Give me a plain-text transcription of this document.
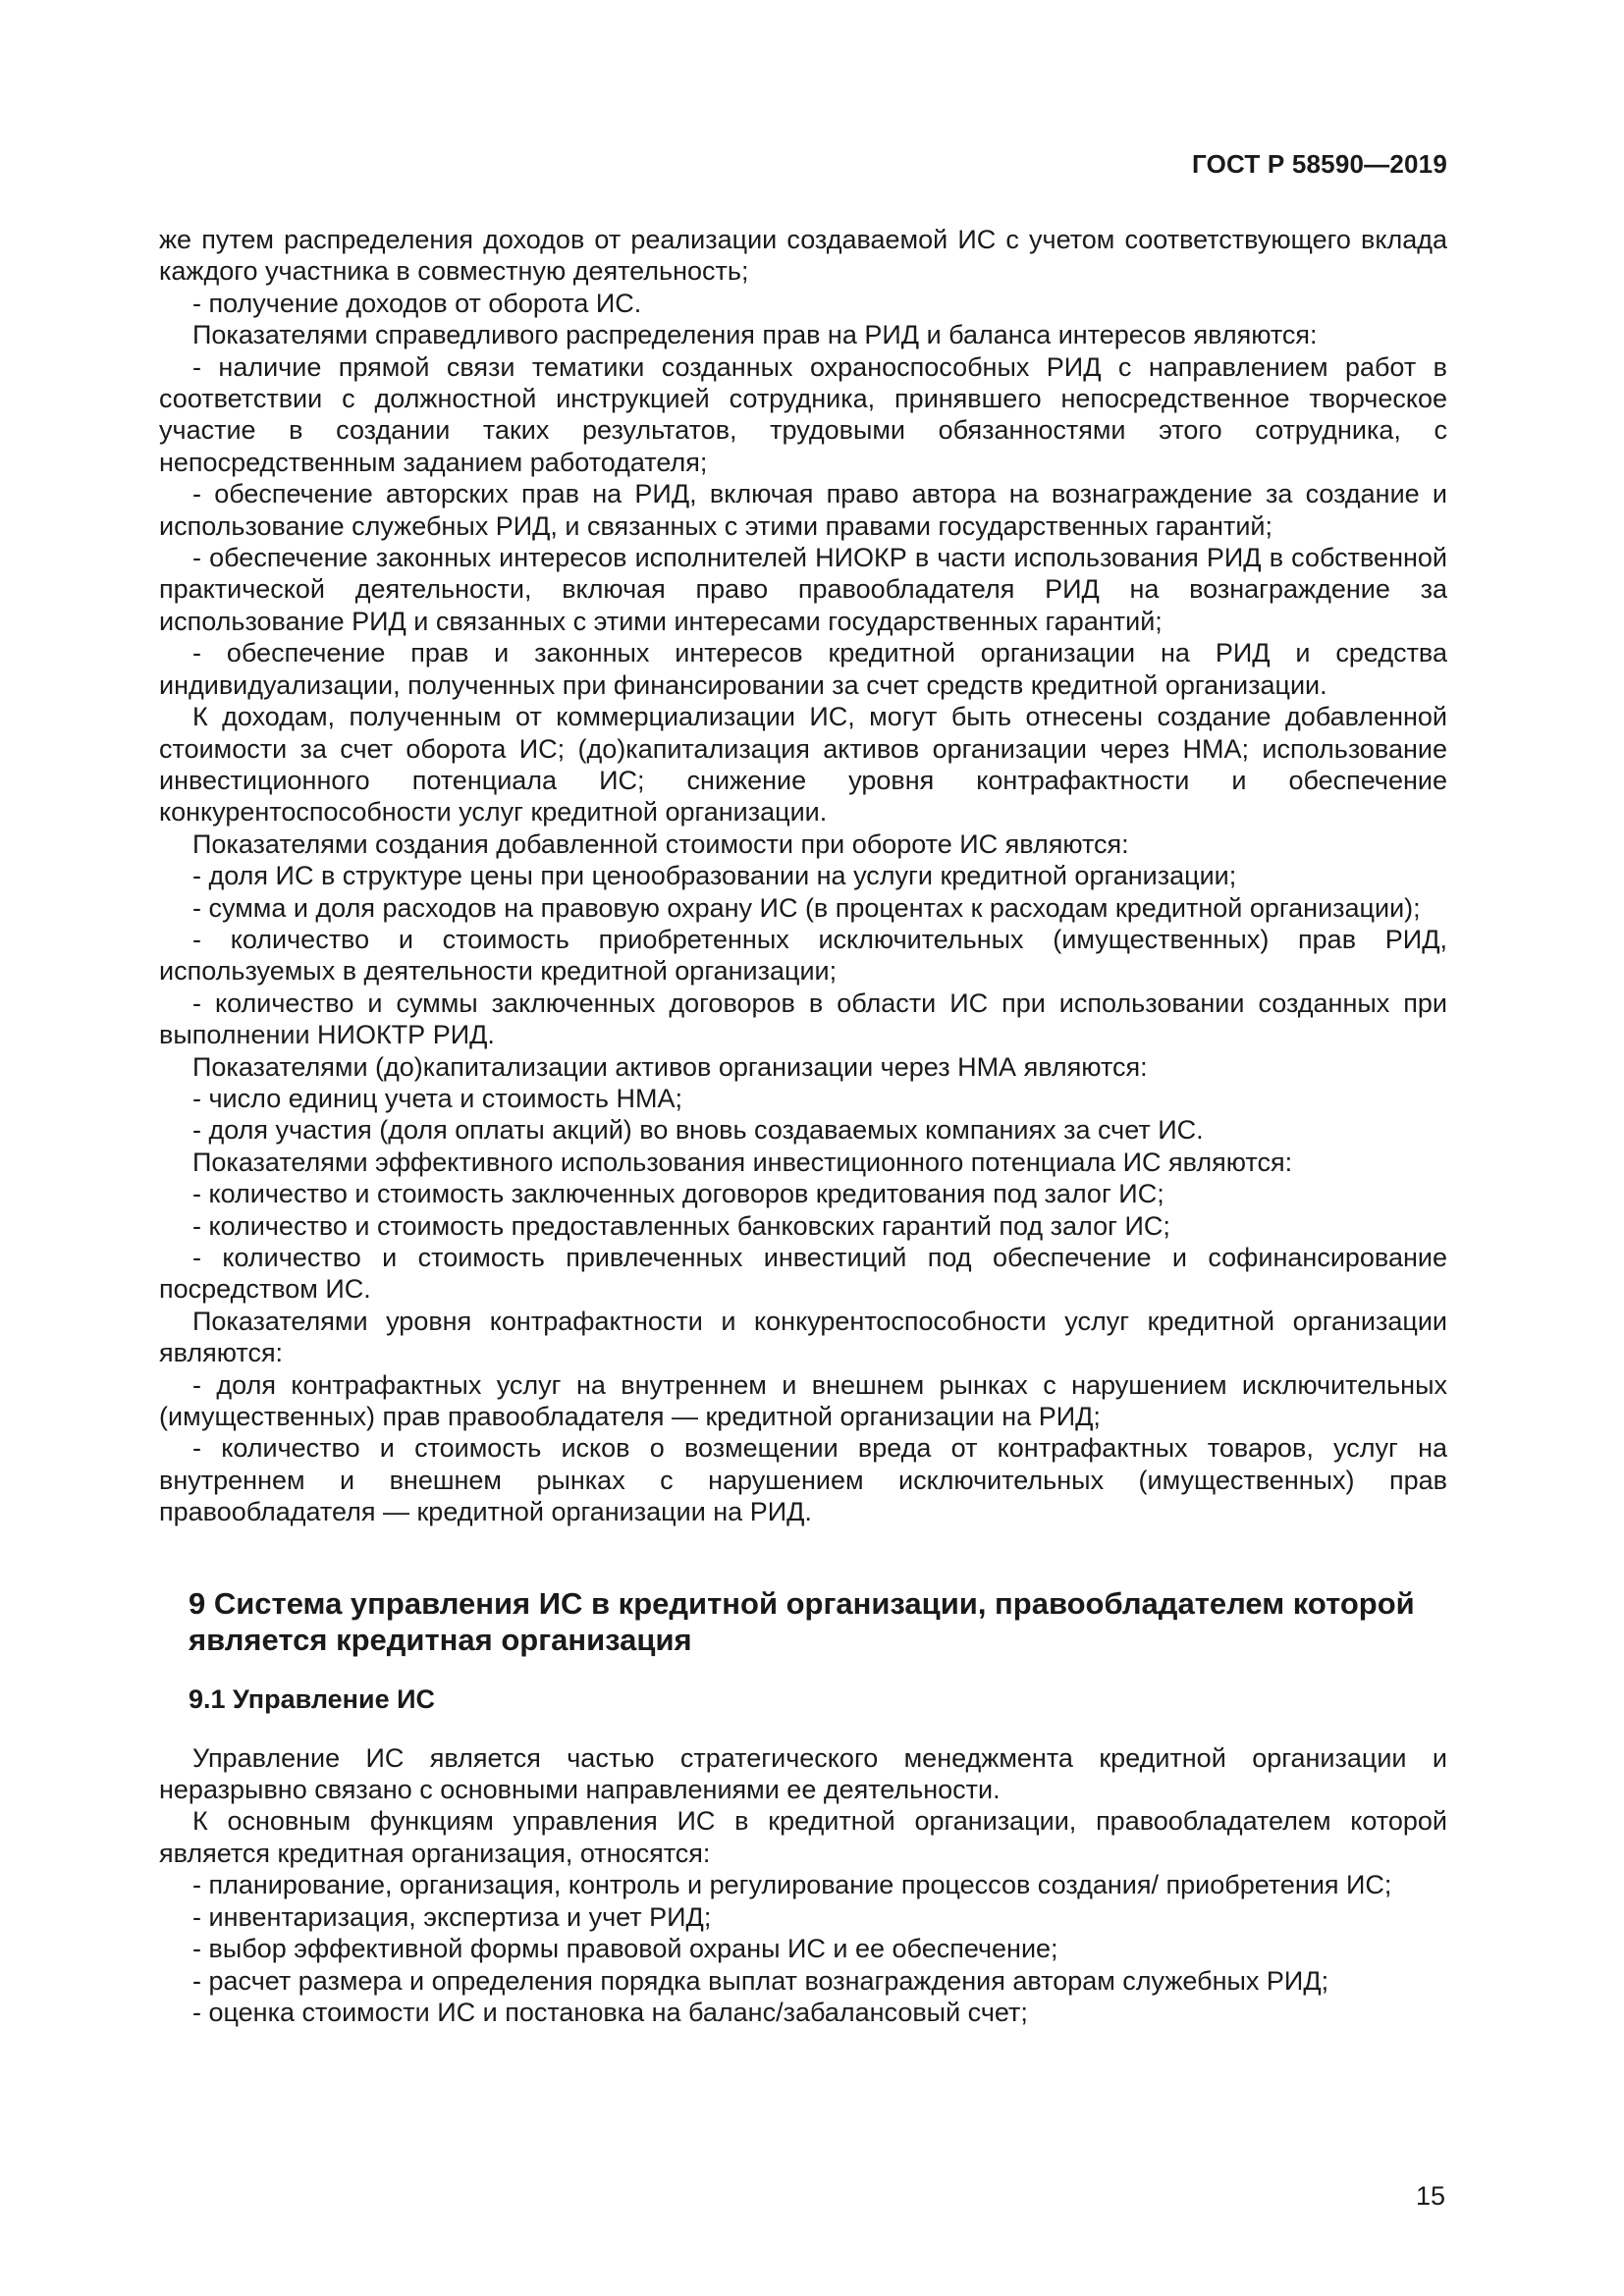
ГОСТ Р 58590—2019

же путем распределения доходов от реализации создаваемой ИС с учетом соответствующего вклада каждого участника в совместную деятельность;

- получение доходов от оборота ИС.

Показателями справедливого распределения прав на РИД и баланса интересов являются:

- наличие прямой связи тематики созданных охраноспособных РИД с направлением работ в соответствии с должностной инструкцией сотрудника, принявшего непосредственное творческое участие в создании таких результатов, трудовыми обязанностями этого сотрудника, с непосредственным заданием работодателя;

- обеспечение авторских прав на РИД, включая право автора на вознаграждение за создание и использование служебных РИД, и связанных с этими правами государственных гарантий;

- обеспечение законных интересов исполнителей НИОКР в части использования РИД в собственной практической деятельности, включая право правообладателя РИД на вознаграждение за использование РИД и связанных с этими интересами государственных гарантий;

- обеспечение прав и законных интересов кредитной организации на РИД и средства индивидуализации, полученных при финансировании за счет средств кредитной организации.

К доходам, полученным от коммерциализации ИС, могут быть отнесены создание добавленной стоимости за счет оборота ИС; (до)капитализация активов организации через НМА; использование инвестиционного потенциала ИС; снижение уровня контрафактности и обеспечение конкурентоспособности услуг кредитной организации.

Показателями создания добавленной стоимости при обороте ИС являются:

- доля ИС в структуре цены при ценообразовании на услуги кредитной организации;

- сумма и доля расходов на правовую охрану ИС (в процентах к расходам кредитной организации);

- количество и стоимость приобретенных исключительных (имущественных) прав РИД, используемых в деятельности кредитной организации;

- количество и суммы заключенных договоров в области ИС при использовании созданных при выполнении НИОКТР РИД.

Показателями (до)капитализации активов организации через НМА являются:

- число единиц учета и стоимость НМА;

- доля участия (доля оплаты акций) во вновь создаваемых компаниях за счет ИС.

Показателями эффективного использования инвестиционного потенциала ИС являются:

- количество и стоимость заключенных договоров кредитования под залог ИС;

- количество и стоимость предоставленных банковских гарантий под залог ИС;

- количество и стоимость привлеченных инвестиций под обеспечение и софинансирование посредством ИС.

Показателями уровня контрафактности и конкурентоспособности услуг кредитной организации являются:

- доля контрафактных услуг на внутреннем и внешнем рынках с нарушением исключительных (имущественных) прав правообладателя — кредитной организации на РИД;

- количество и стоимость исков о возмещении вреда от контрафактных товаров, услуг на внутреннем и внешнем рынках с нарушением исключительных (имущественных) прав правообладателя — кредитной организации на РИД.

9 Система управления ИС в кредитной организации, правообладателем которой является кредитная организация
9.1 Управление ИС

Управление ИС является частью стратегического менеджмента кредитной организации и неразрывно связано с основными направлениями ее деятельности.

К основным функциям управления ИС в кредитной организации, правообладателем которой является кредитная организация, относятся:

- планирование, организация, контроль и регулирование процессов создания/ приобретения ИС;

- инвентаризация, экспертиза и учет РИД;

- выбор эффективной формы правовой охраны ИС и ее обеспечение;

- расчет размера и определения порядка выплат вознаграждения авторам служебных РИД;

- оценка стоимости ИС и постановка на баланс/забалансовый счет;

15
